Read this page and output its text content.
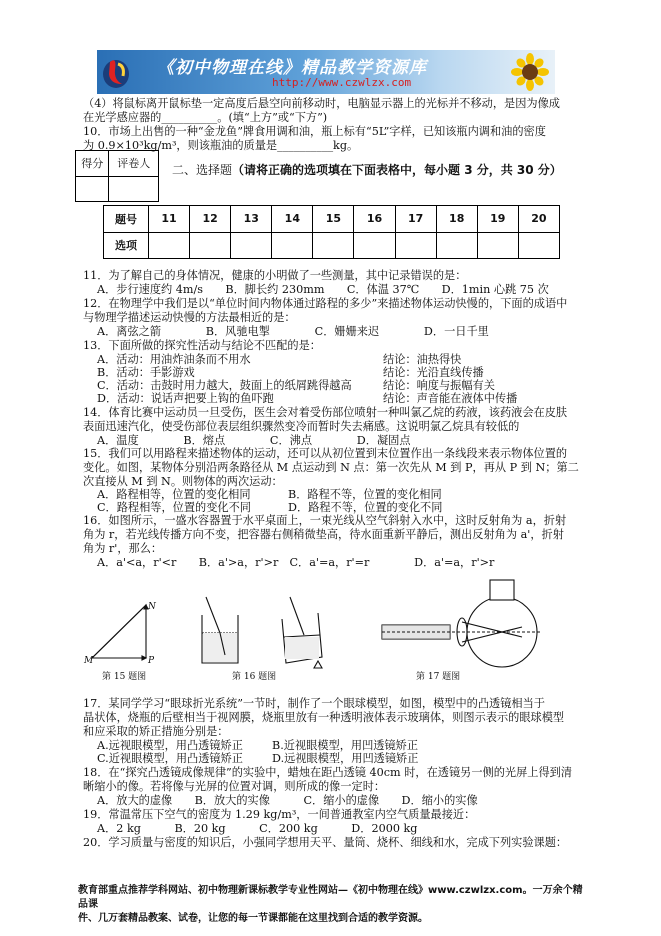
《初中物理在线》精品教学资源库
http://www.czwlzx.com
（4）将鼠标离开鼠标垫一定高度后悬空向前移动时，电脑显示器上的光标并不移动，是因为像成
在光学感应器的__________。(填“上方”或“下方”)
10．市场上出售的一种“金龙鱼”牌食用调和油，瓶上标有“5L”字样，已知该瓶内调和油的密度
为 0.9×10³kg/m³，则该瓶油的质量是__________kg。
得分	评卷人
	二、选择题（请将正确的选项填在下面表格中，每小题 3 分，共 30 分）
题号	11	12	13	14	15	16	17	18	19	20
选项										
11．为了解自己的身体情况，健康的小明做了一些测量，其中记录错误的是：
A．步行速度约 4m/s　　B．脚长约 230mm　　C．体温 37℃　　D．1min 心跳 75 次
12．在物理学中我们是以“单位时间内物体通过路程的多少”来描述物体运动快慢的，下面的成语中
与物理学描述运动快慢的方法最相近的是：
A．离弦之箭　　　　B．风驰电掣　　　　C．姗姗来迟　　　　D．一日千里
13．下面所做的探究性活动与结论不匹配的是：
A．活动：用油炸油条而不用水	结论：油热得快
B．活动：手影游戏	结论：光沿直线传播
C．活动：击鼓时用力越大，鼓面上的纸屑跳得越高	结论：响度与振幅有关
D．活动：说话声把要上钩的鱼吓跑	结论：声音能在液体中传播
14．体育比赛中运动员一旦受伤，医生会对着受伤部位喷射一种叫氯乙烷的药液，该药液会在皮肤
表面迅速汽化，使受伤部位表层组织骤然变冷而暂时失去痛感。这说明氯乙烷具有较低的
A．温度　　　　B．熔点　　　　C．沸点　　　　D．凝固点
15．我们可以用路程来描述物体的运动，还可以从初位置到末位置作出一条线段来表示物体位置的
变化。如图，某物体分别沿两条路径从 M 点运动到 N 点：第一次先从 M 到 P，再从 P 到 N；第二
次直接从 M 到 N。则物体的两次运动：
A．路程相等，位置的变化相同	B．路程不等，位置的变化相同
C．路程相等，位置的变化不同	D．路程不等，位置的变化不同
16．如图所示，一盛水容器置于水平桌面上，一束光线从空气斜射入水中，这时反射角为 a，折射
角为 r，若光线传播方向不变，把容器右侧稍微垫高，待水面重新平静后，测出反射角为 a'，折射
角为 r'，那么：
A．a'<a，r'<r　　B．a'>a，r'>r　C．a'=a，r'=r　　　　D．a'=a，r'>r
N
M	P
第 15 题图	第 16 题图	第 17 题图
17．某同学学习“眼球折光系统”一节时，制作了一个眼球模型，如图，模型中的凸透镜相当于
晶状体，烧瓶的后壁相当于视网膜，烧瓶里放有一种透明液体表示玻璃体，则图示表示的眼球模型
和应采取的矫正措施分别是：
A.远视眼模型，用凸透镜矫正	B.近视眼模型，用凹透镜矫正
C.近视眼模型，用凸透镜矫正	D.远视眼模型，用凹透镜矫正
18．在“探究凸透镜成像规律”的实验中，蜡烛在距凸透镜 40cm 时，在透镜另一侧的光屏上得到清
晰缩小的像。若将像与光屏的位置对调，则所成的像一定时：
A．放大的虚像　　B．放大的实像　　　C．缩小的虚像　　D．缩小的实像
19．常温常压下空气的密度为 1.29 kg/m³，一间普通教室内空气质量最接近：
A．2 kg　　　B．20 kg　　　C．200 kg　　　D．2000 kg
20．学习质量与密度的知识后，小强同学想用天平、量筒、烧杯、细线和水，完成下列实验课题：
教育部重点推荐学科网站、初中物理新课标教学专业性网站—《初中物理在线》www.czwlzx.com。一万余个精品课
件、几万套精品教案、试卷，让您的每一节课都能在这里找到合适的教学资源。
